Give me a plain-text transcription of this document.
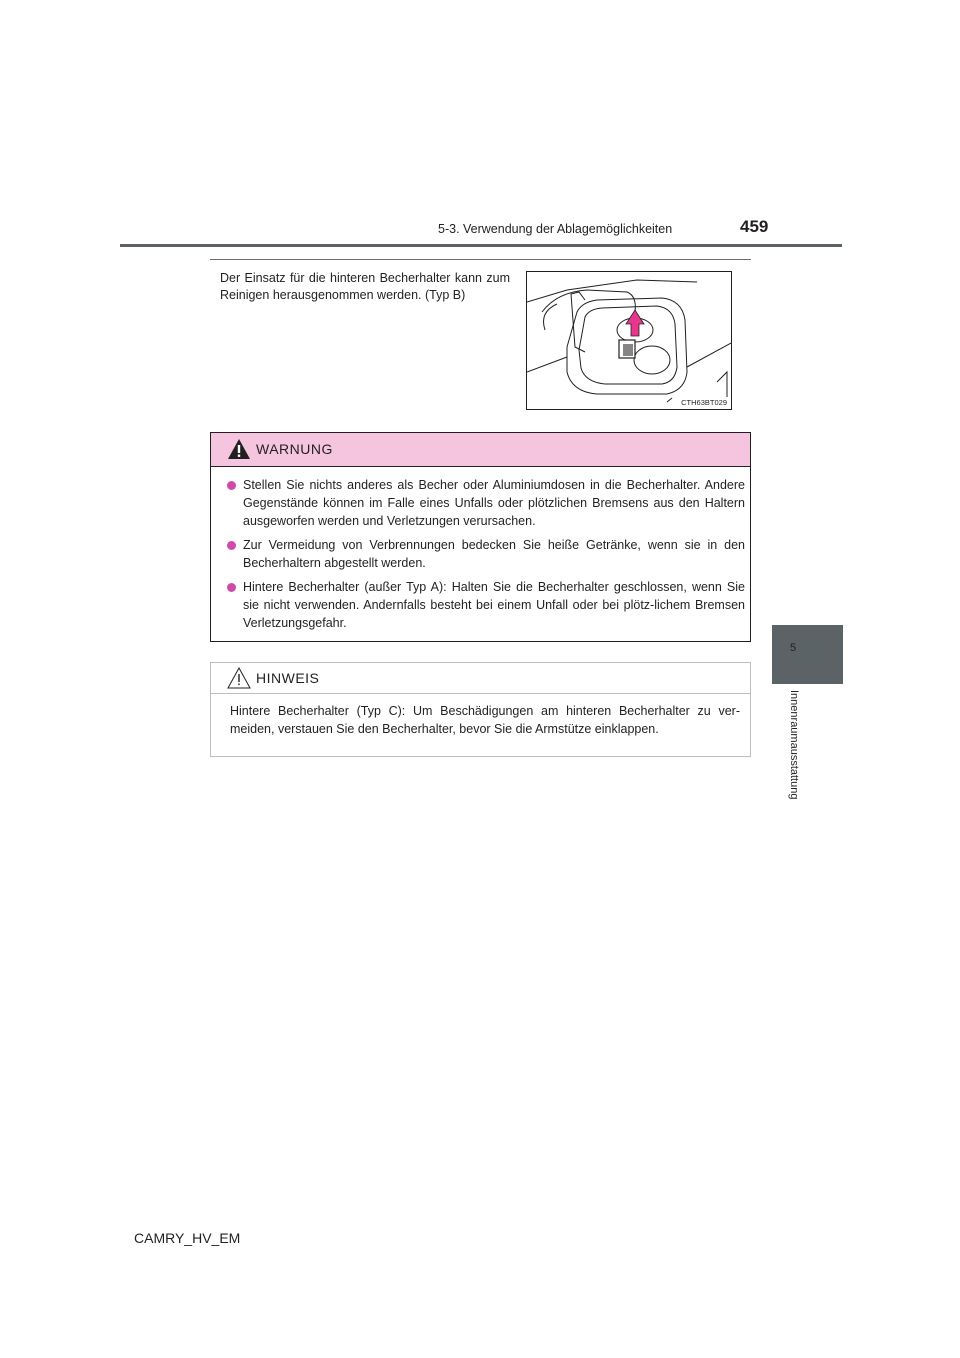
5-3. Verwendung der Ablagemöglichkeiten	459
5
Innenraumausstattung
Der Einsatz für die hinteren Becherhalter kann zum Reinigen herausgenommen werden. (Typ B)
CTH63BT029
WARNUNG
Stellen Sie nichts anderes als Becher oder Aluminiumdosen in die Becherhalter. Andere Gegenstände können im Falle eines Unfalls oder plötzlichen Bremsens aus den Haltern ausgeworfen werden und Verletzungen verursachen.
Zur Vermeidung von Verbrennungen bedecken Sie heiße Getränke, wenn sie in den Becherhaltern abgestellt werden.
Hintere Becherhalter (außer Typ A): Halten Sie die Becherhalter geschlossen, wenn Sie sie nicht verwenden. Andernfalls besteht bei einem Unfall oder bei plötz-lichem Bremsen Verletzungsgefahr.
HINWEIS
Hintere Becherhalter (Typ C): Um Beschädigungen am hinteren Becherhalter zu ver-meiden, verstauen Sie den Becherhalter, bevor Sie die Armstütze einklappen.
CAMRY_HV_EM
